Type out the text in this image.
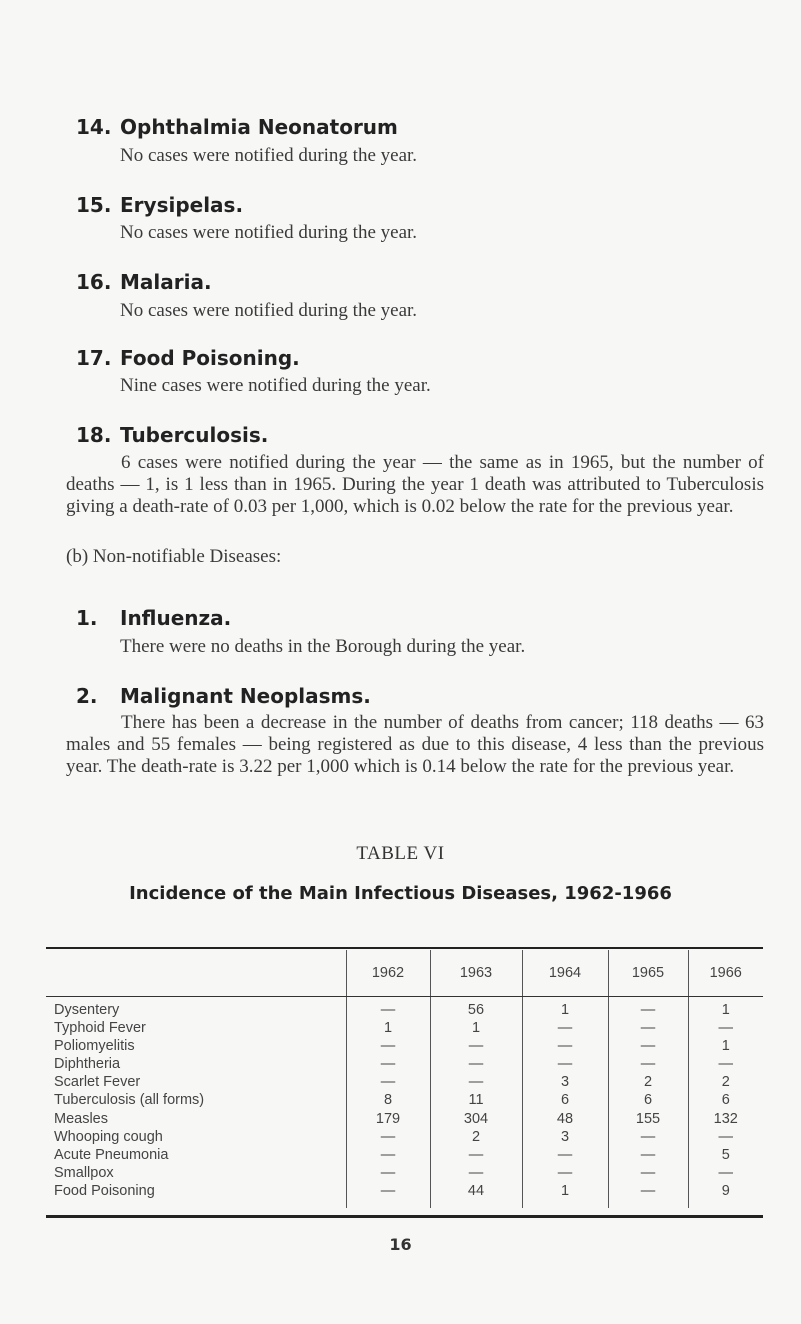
14. Ophthalmia Neonatorum
No cases were notified during the year.
15. Erysipelas.
No cases were notified during the year.
16. Malaria.
No cases were notified during the year.
17. Food Poisoning.
Nine cases were notified during the year.
18. Tuberculosis.
6 cases were notified during the year — the same as in 1965, but the number of deaths — 1, is 1 less than in 1965. During the year 1 death was attributed to Tuberculosis giving a death-rate of 0.03 per 1,000, which is 0.02 below the rate for the previous year.
(b) Non-notifiable Diseases:
1. Influenza.
There were no deaths in the Borough during the year.
2. Malignant Neoplasms.
There has been a decrease in the number of deaths from cancer; 118 deaths — 63 males and 55 females — being registered as due to this disease, 4 less than the previous year. The death-rate is 3.22 per 1,000 which is 0.14 below the rate for the previous year.
TABLE VI
Incidence of the Main Infectious Diseases, 1962-1966
	1962	1963	1964	1965	1966
Dysentery	—	56	1	—	1
Typhoid Fever	1	1	—	—	—
Poliomyelitis	—	—	—	—	1
Diphtheria	—	—	—	—	—
Scarlet Fever	—	—	3	2	2
Tuberculosis (all forms)	8	11	6	6	6
Measles	179	304	48	155	132
Whooping cough	—	2	3	—	—
Acute Pneumonia	—	—	—	—	5
Smallpox	—	—	—	—	—
Food Poisoning	—	44	1	—	9
16
